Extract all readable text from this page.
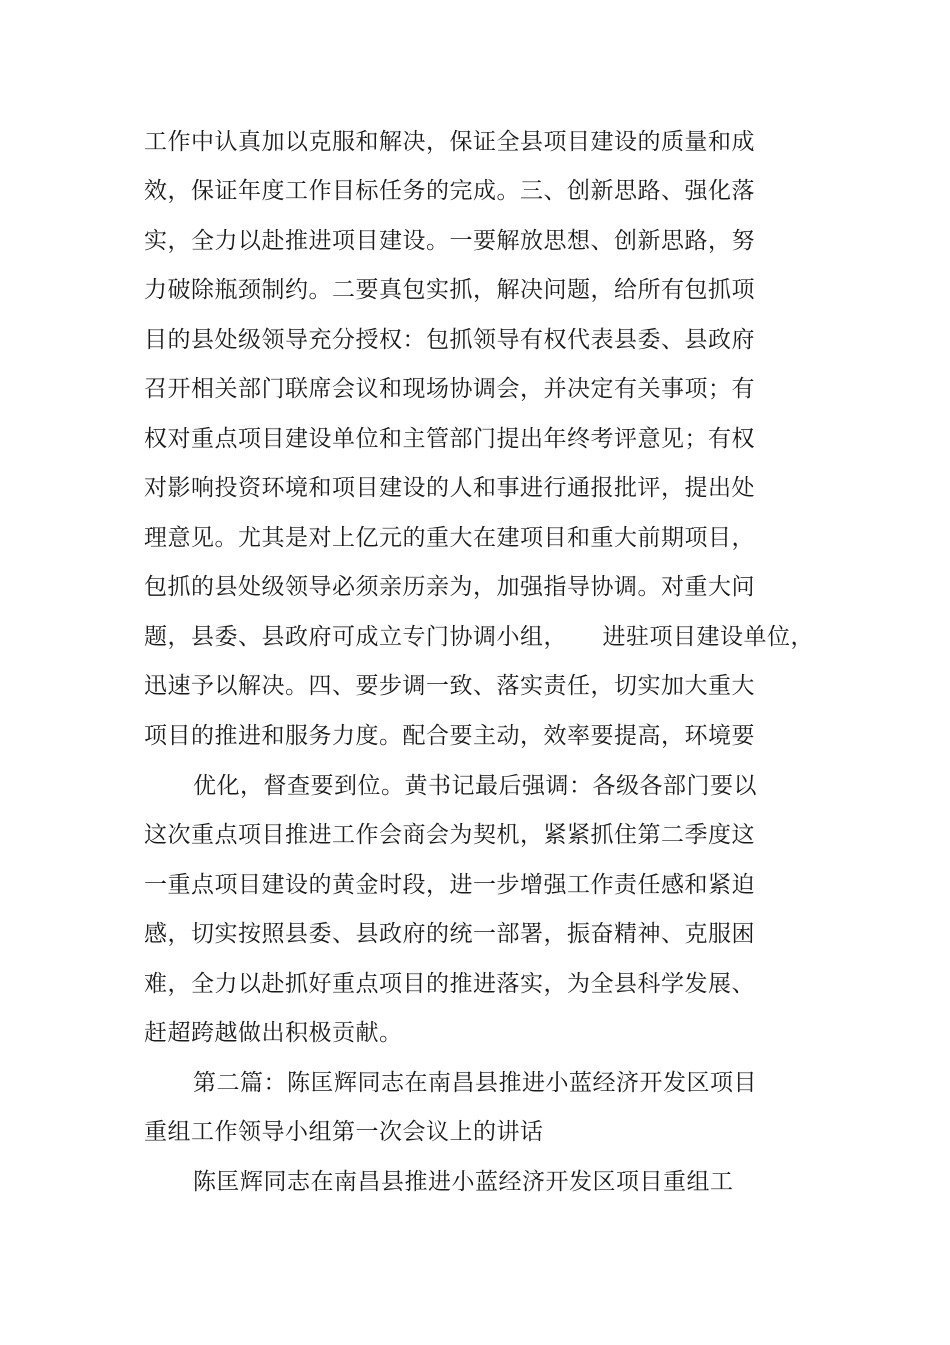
工作中认真加以克服和解决，保证全县项目建设的质量和成
效，保证年度工作目标任务的完成。三、创新思路、强化落
实，全力以赴推进项目建设。一要解放思想、创新思路，努
力破除瓶颈制约。二要真包实抓，解决问题，给所有包抓项
目的县处级领导充分授权：包抓领导有权代表县委、县政府
召开相关部门联席会议和现场协调会，并决定有关事项；有
权对重点项目建设单位和主管部门提出年终考评意见；有权
对影响投资环境和项目建设的人和事进行通报批评，提出处
理意见。尤其是对上亿元的重大在建项目和重大前期项目，
包抓的县处级领导必须亲历亲为，加强指导协调。对重大问
题，县委、县政府可成立专门协调小组，　　进驻项目建设单位，
迅速予以解决。四、要步调一致、落实责任，切实加大重大
项目的推进和服务力度。配合要主动，效率要提高，环境要
优化，督查要到位。黄书记最后强调：各级各部门要以
这次重点项目推进工作会商会为契机，紧紧抓住第二季度这
一重点项目建设的黄金时段，进一步增强工作责任感和紧迫
感，切实按照县委、县政府的统一部署，振奋精神、克服困
难，全力以赴抓好重点项目的推进落实，为全县科学发展、
赶超跨越做出积极贡献。
第二篇：陈匡辉同志在南昌县推进小蓝经济开发区项目
重组工作领导小组第一次会议上的讲话
陈匡辉同志在南昌县推进小蓝经济开发区项目重组工
